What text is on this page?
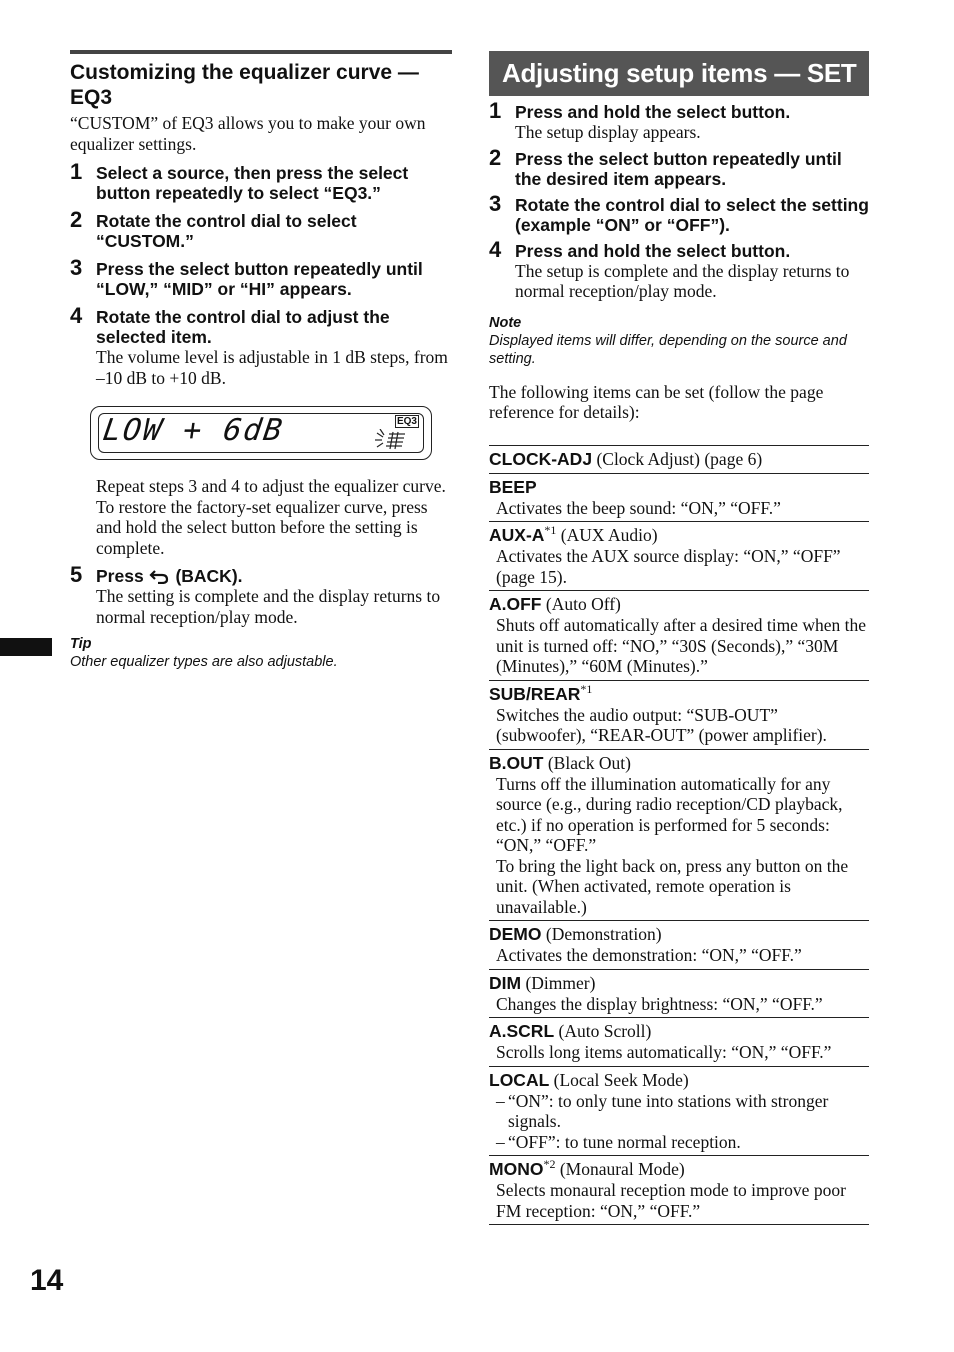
Customizing the equalizer curve — EQ3

“CUSTOM” of EQ3 allows you to make your own equalizer settings.

1 Select a source, then press the select button repeatedly to select “EQ3.”
2 Rotate the control dial to select “CUSTOM.”
3 Press the select button repeatedly until “LOW,” “MID” or “HI” appears.
4 Rotate the control dial to adjust the selected item.
The volume level is adjustable in 1 dB steps, from –10 dB to +10 dB.
LOW + 6dB	EQ3
Repeat steps 3 and 4 to adjust the equalizer curve.
To restore the factory-set equalizer curve, press and hold the select button before the setting is complete.
5 Press (BACK).
The setting is complete and the display returns to normal reception/play mode.
Tip
Other equalizer types are also adjustable.
14
Adjusting setup items — SET
1 Press and hold the select button.
The setup display appears.
2 Press the select button repeatedly until the desired item appears.
3 Rotate the control dial to select the setting (example “ON” or “OFF”).
4 Press and hold the select button.
The setup is complete and the display returns to normal reception/play mode.
Note
Displayed items will differ, depending on the source and setting.
The following items can be set (follow the page reference for details):
CLOCK-ADJ (Clock Adjust) (page 6)
BEEP
Activates the beep sound: “ON,” “OFF.”
AUX-$A^{*1}$ (AUX Audio)
Activates the AUX source display: “ON,” “OFF” (page 15).
A.OFF (Auto Off)
Shuts off automatically after a desired time when the unit is turned off: “NO,” “30S (Seconds),” “30M (Minutes),” “60M (Minutes).”
SUB/REAR$^{*1}$
Switches the audio output: “SUB-OUT” (subwoofer), “REAR-OUT” (power amplifier).
B.OUT (Black Out)
Turns off the illumination automatically for any source (e.g., during radio reception/CD playback, etc.) if no operation is performed for 5 seconds: “ON,” “OFF.”
To bring the light back on, press any button on the unit. (When activated, remote operation is unavailable.)
DEMO (Demonstration)
Activates the demonstration: “ON,” “OFF.”
DIM (Dimmer)
Changes the display brightness: “ON,” “OFF.”
A.SCRL (Auto Scroll)
Scrolls long items automatically: “ON,” “OFF.”
LOCAL (Local Seek Mode)
– “ON”: to only tune into stations with stronger signals.
– “OFF”: to tune normal reception.
MONO$^{*2}$ (Monaural Mode)
Selects monaural reception mode to improve poor FM reception: “ON,” “OFF.”
